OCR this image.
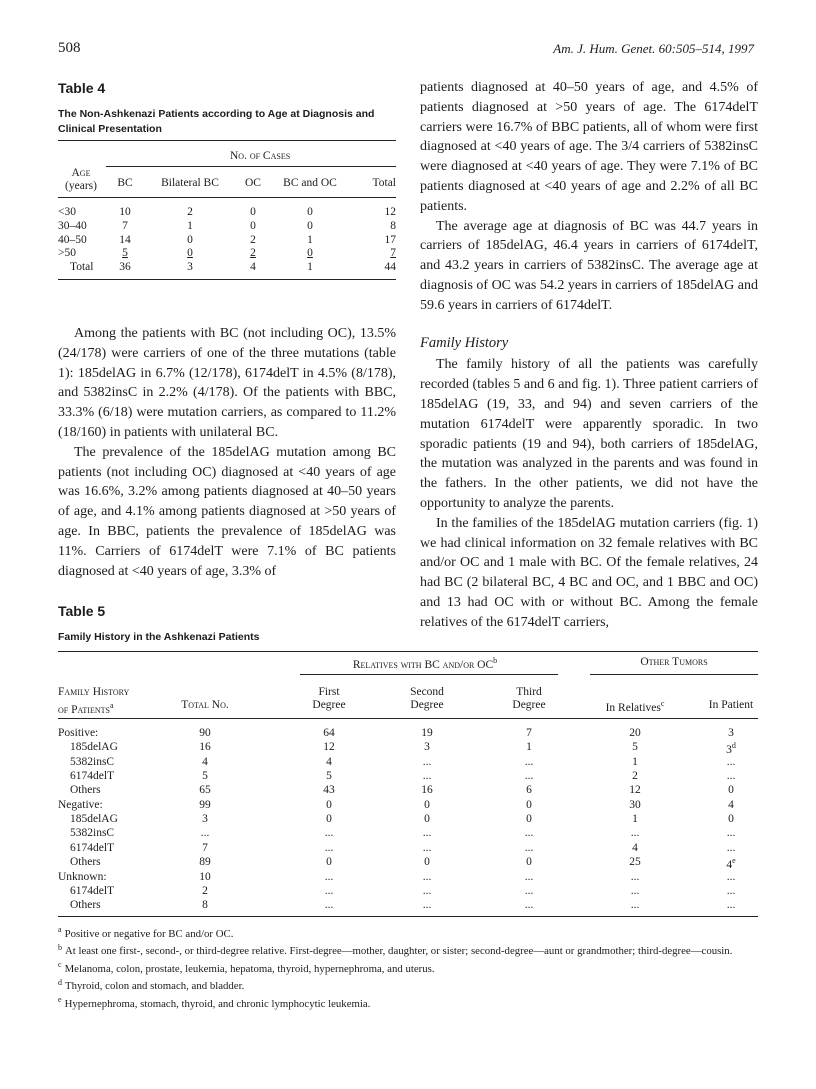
508	Am. J. Hum. Genet. 60:505–514, 1997
Table 4
The Non-Ashkenazi Patients according to Age at Diagnosis and Clinical Presentation
No. of Cases
Age
(years)	BC	Bilateral BC	OC	BC and OC	Total
<30	10	2	0	0	12
30–40	7	1	0	0	8
40–50	14	0	2	1	17
>50	5	0	2	0	7
Total	36	3	4	1	44

Among the patients with BC (not including OC), 13.5% (24/178) were carriers of one of the three mutations (table 1): 185delAG in 6.7% (12/178), 6174delT in 4.5% (8/178), and 5382insC in 2.2% (4/178). Of the patients with BBC, 33.3% (6/18) were mutation carriers, as compared to 11.2% (18/160) in patients with unilateral BC.

The prevalence of the 185delAG mutation among BC patients (not including OC) diagnosed at <40 years of age was 16.6%, 3.2% among patients diagnosed at 40–50 years of age, and 4.1% among patients diagnosed at >50 years of age. In BBC, patients the prevalence of 185delAG was 11%. Carriers of 6174delT were 7.1% of BC patients diagnosed at <40 years of age, 3.3% of

patients diagnosed at 40–50 years of age, and 4.5% of patients diagnosed at >50 years of age. The 6174delT carriers were 16.7% of BBC patients, all of whom were first diagnosed at <40 years of age. The 3/4 carriers of 5382insC were diagnosed at <40 years of age. They were 7.1% of BC patients diagnosed at <40 years of age and 2.2% of all BC patients.

The average age at diagnosis of BC was 44.7 years in carriers of 185delAG, 46.4 years in carriers of 6174delT, and 43.2 years in carriers of 5382insC. The average age at diagnosis of OC was 54.2 years in carriers of 185delAG and 59.6 years in carriers of 6174delT.

Family History

The family history of all the patients was carefully recorded (tables 5 and 6 and fig. 1). Three patient carriers of 185delAG (19, 33, and 94) and seven carriers of the mutation 6174delT were apparently sporadic. In two sporadic patients (19 and 94), both carriers of 185delAG, the mutation was analyzed in the parents and was found in the fathers. In the other patients, we did not have the opportunity to analyze the parents.

In the families of the 185delAG mutation carriers (fig. 1) we had clinical information on 32 female relatives with BC and/or OC and 1 male with BC. Of the female relatives, 24 had BC (2 bilateral BC, 4 BC and OC, and 1 BBC and OC) and 13 had OC with or without BC. Among the female relatives of the 6174delT carriers,

Table 5
Family History in the Ashkenazi Patients
Relatives with BC and/or $OC^b$	Other Tumors
Family History
of Patients$^a$	Total No.
First
Degree
Second
Degree
Third
Degree	In Relatives$^c$	In Patient
Positive:	90	64	19	7	20	3
185delAG	16	12	3	1	5	3$^d$
5382insC	4	4	...	...	1	...
6174delT	5	5	...	...	2	...
Others	65	43	16	6	12	0
Negative:	99	0	0	0	30	4
185delAG	3	0	0	0	1	0
5382insC	...	...	...	...	...	...
6174delT	7	...	...	...	4	...
Others	89	0	0	0	25	4e
Unknown:	10	...	...	...	...	...
6174delT	2	...	...	...	...	...
Others	8	...	...	...	...	...
$^a$ Positive or negative for BC and/or OC.
$^b$ At least one first-, second-, or third-degree relative. First-degree—mother, daughter, or sister; second-degree—aunt or grandmother; third-degree—cousin.
$^c$ Melanoma, colon, prostate, leukemia, hepatoma, thyroid, hypernephroma, and uterus.
$^d$ Thyroid, colon and stomach, and bladder.
$^e$ Hypernephroma, stomach, thyroid, and chronic lymphocytic leukemia.
